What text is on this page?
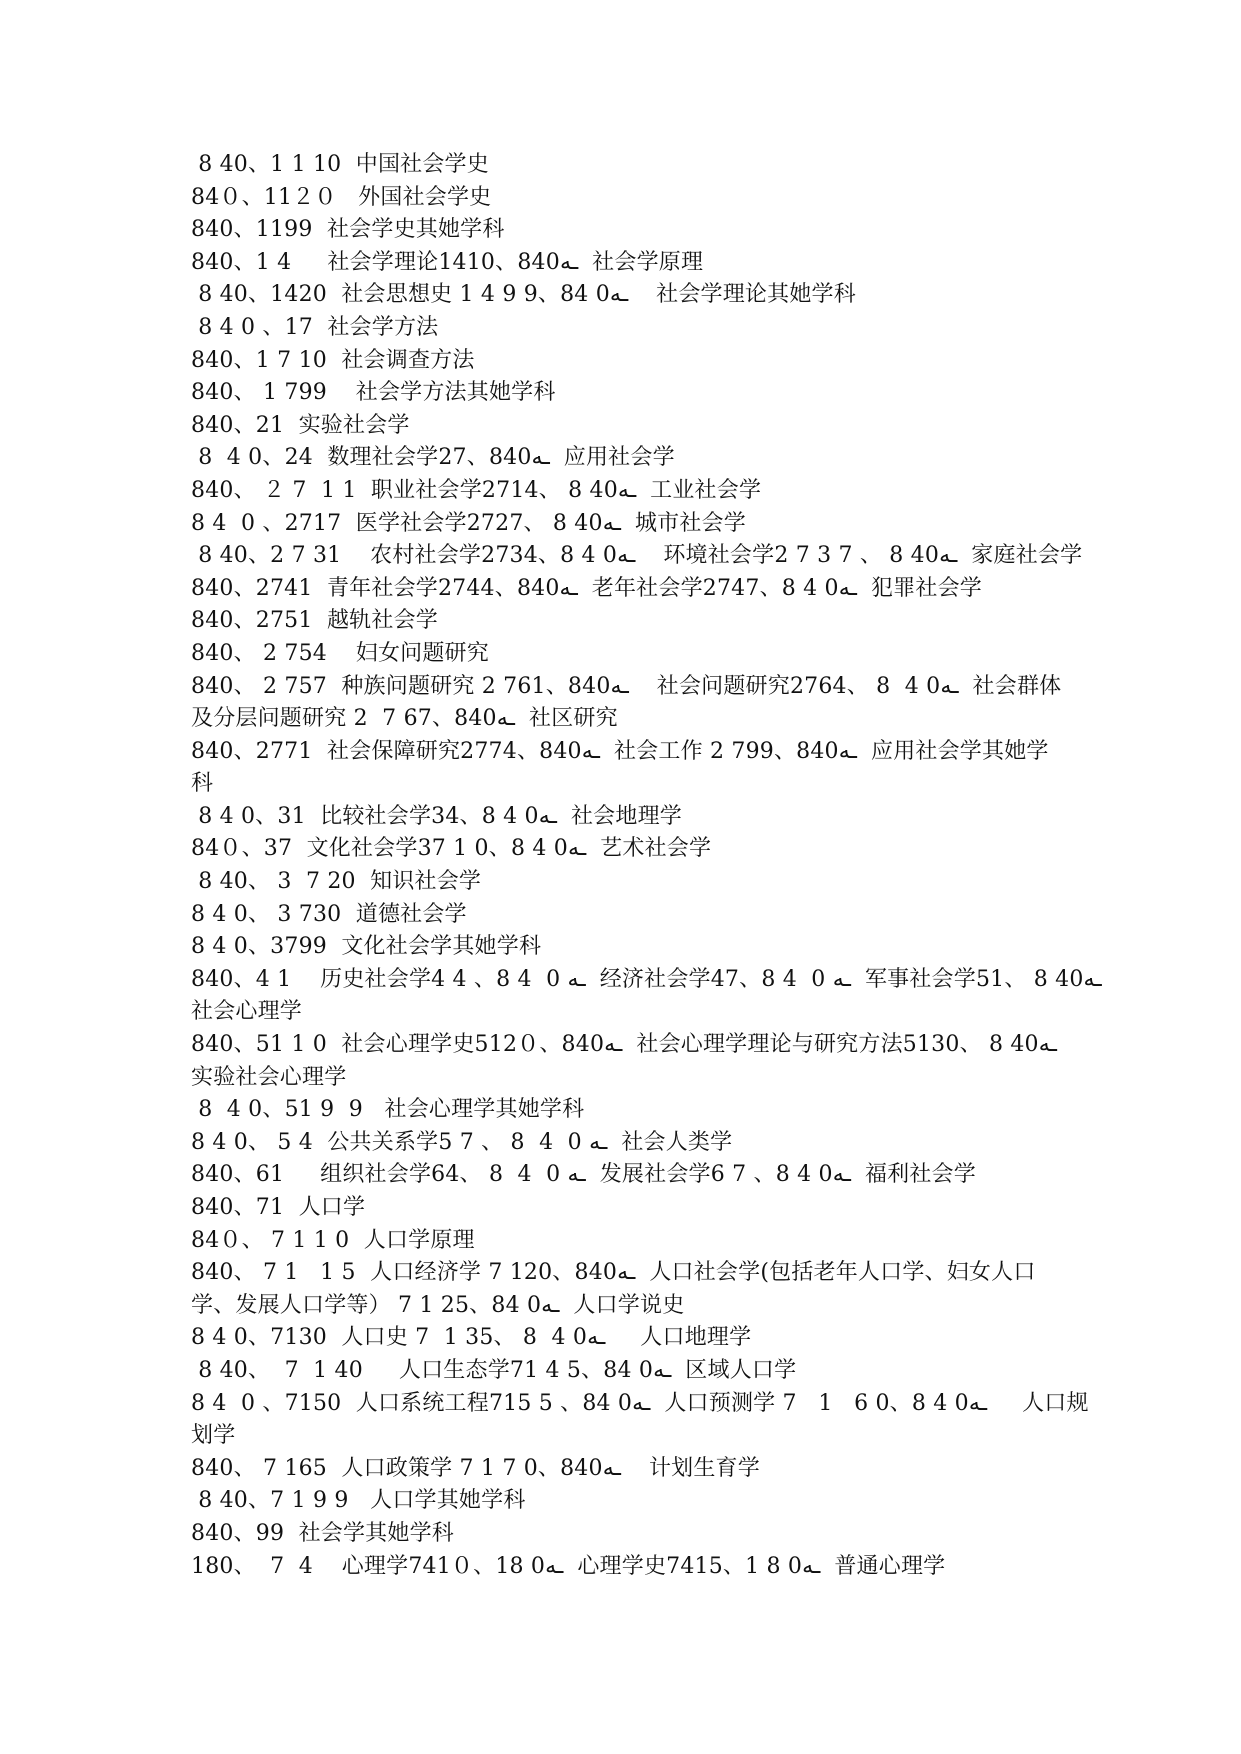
8 40、1 1 10  中国社会学史
84０、11２０   外国社会学史
840、1199  社会学史其她学科
840、1 4     社会学理论1410、840ـه  社会学原理
8 40、1420  社会思想史 1 4 9 9、84 0ـه    社会学理论其她学科
8 4 0 、17  社会学方法
840、1 7 10  社会调查方法
840、 1 799    社会学方法其她学科
840、21  实验社会学
8  4 0、24  数理社会学27、840ـه  应用社会学
840、 ２ 7  1 1  职业社会学2714、 8 40ـه  工业社会学
8 4  0 、2717  医学社会学2727、 8 40ـه  城市社会学
8 40、2 7 31    农村社会学2734、8 4 0ـه    环境社会学2 7 3 7 、 8 40ـه  家庭社会学
840、2741  青年社会学2744、840ـه  老年社会学2747、8 4 0ـه  犯罪社会学
840、2751  越轨社会学
840、 2 754    妇女问题研究
840、 2 757  种族问题研究 2 761、840ـه    社会问题研究2764、 8  4 0ـه  社会群体
及分层问题研究 2  7 67、840ـه  社区研究
840、2771  社会保障研究2774、840ـه  社会工作 2 799、840ـه  应用社会学其她学
科
8 4 0、31  比较社会学34、8 4 0ـه  社会地理学
84０、37  文化社会学37 1 0、8 4 0ـه  艺术社会学
8 40、 3  7 20  知识社会学
8 4 0、 3 730  道德社会学
8 4 0、3799  文化社会学其她学科
840、4 1    历史社会学4 4 、8 4  0 ـه  经济社会学47、8 4  0 ـه  军事社会学51、 8 40ـه
社会心理学
840、51 1 0  社会心理学史512０、840ـه  社会心理学理论与研究方法5130、 8 40ـه
实验社会心理学
8  4 0、51 9  9   社会心理学其她学科
8 4 0、 5 4  公共关系学5 7 、 8  4  0 ـه  社会人类学
840、61     组织社会学64、 8  4  0 ـه  发展社会学6 7 、8 4 0ـه  福利社会学
840、71  人口学
84０、 7 1 1 0  人口学原理
840、 7 1   1 5  人口经济学 7 120、840ـه  人口社会学(包括老年人口学、妇女人口
学、发展人口学等） 7 1 25、84 0ـه  人口学说史
8 4 0、7130  人口史 7  1 35、 8  4 0ـه     人口地理学
8 40、  7  1 40     人口生态学71 4 5、84 0ـه  区域人口学
8 4  0 、7150  人口系统工程715 5 、84 0ـه  人口预测学 7   1   6 0、8 4 0ـه     人口规
划学
840、 7 165  人口政策学 7 1 7 0、840ـه    计划生育学
8 40、7 1 9 9   人口学其她学科
840、99  社会学其她学科
180、  7  4    心理学741０、18 0ـه  心理学史7415、1 8 0ـه  普通心理学
